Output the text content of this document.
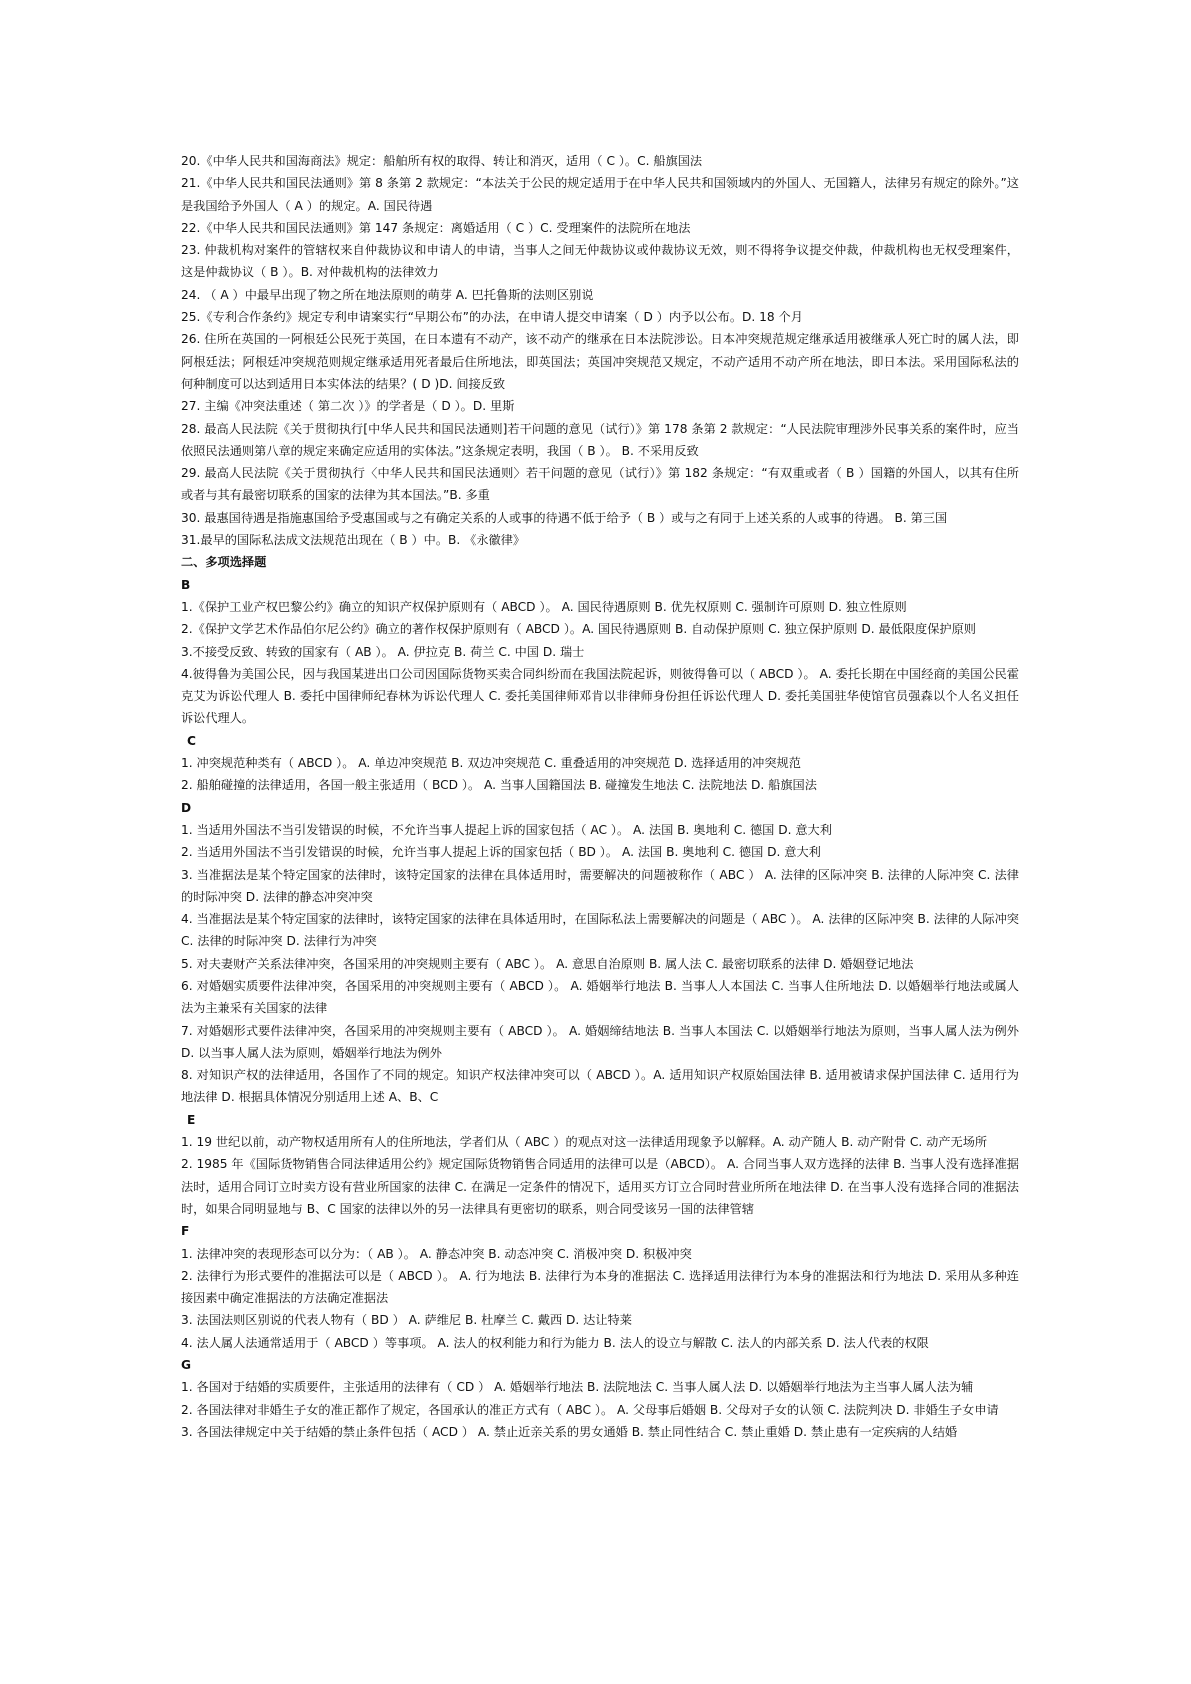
20.《中华人民共和国海商法》规定：船舶所有权的取得、转让和消灭，适用（ C ）。C. 船旗国法
21.《中华人民共和国民法通则》第 8 条第 2 款规定：“本法关于公民的规定适用于在中华人民共和国领域内的外国人、无国籍人，法律另有规定的除外。”这是我国给予外国人（ A ）的规定。A. 国民待遇
22.《中华人民共和国民法通则》第 147 条规定：离婚适用（ C ）C. 受理案件的法院所在地法
23. 仲裁机构对案件的管辖权来自仲裁协议和申请人的申请，当事人之间无仲裁协议或仲裁协议无效，则不得将争议提交仲裁，仲裁机构也无权受理案件，这是仲裁协议（ B ）。B. 对仲裁机构的法律效力
24. （ A ）中最早出现了物之所在地法原则的萌芽 A. 巴托鲁斯的法则区别说
25.《专利合作条约》规定专利申请案实行“早期公布”的办法，在申请人提交申请案（ D ）内予以公布。D. 18 个月
26. 住所在英国的一阿根廷公民死于英国，在日本遗有不动产，该不动产的继承在日本法院涉讼。日本冲突规范规定继承适用被继承人死亡时的属人法，即阿根廷法；阿根廷冲突规范则规定继承适用死者最后住所地法，即英国法；英国冲突规范又规定，不动产适用不动产所在地法，即日本法。采用国际私法的何种制度可以达到适用日本实体法的结果？( D )D. 间接反致
27. 主编《冲突法重述（ 第二次 ）》的学者是（ D ）。D. 里斯
28. 最高人民法院《关于贯彻执行[中华人民共和国民法通则]若干问题的意见（试行）》第 178 条第 2 款规定：“人民法院审理涉外民事关系的案件时，应当依照民法通则第八章的规定来确定应适用的实体法。”这条规定表明，我国（ B ）。 B. 不采用反致
29. 最高人民法院《关于贯彻执行〈中华人民共和国民法通则〉若干问题的意见（试行）》第 182 条规定：“有双重或者（ B ）国籍的外国人，以其有住所或者与其有最密切联系的国家的法律为其本国法。”B. 多重
30. 最惠国待遇是指施惠国给予受惠国或与之有确定关系的人或事的待遇不低于给予（ B ）或与之有同于上述关系的人或事的待遇。 B. 第三国
31.最早的国际私法成文法规范出现在（ B ）中。B. 《永徽律》
二、多项选择题
B
1.《保护工业产权巴黎公约》确立的知识产权保护原则有（ ABCD ）。 A. 国民待遇原则 B. 优先权原则 C. 强制许可原则 D. 独立性原则
2.《保护文学艺术作品伯尔尼公约》确立的著作权保护原则有（ ABCD ）。A. 国民待遇原则 B. 自动保护原则 C. 独立保护原则 D. 最低限度保护原则
3.不接受反致、转致的国家有（ AB ）。 A. 伊拉克 B. 荷兰 C. 中国 D. 瑞士
4.彼得鲁为美国公民，因与我国某进出口公司因国际货物买卖合同纠纷而在我国法院起诉，则彼得鲁可以（ ABCD ）。 A. 委托长期在中国经商的美国公民霍克艾为诉讼代理人 B. 委托中国律师纪春林为诉讼代理人 C. 委托美国律师邓肯以非律师身份担任诉讼代理人 D. 委托美国驻华使馆官员强森以个人名义担任诉讼代理人。
C
1. 冲突规范种类有（ ABCD ）。 A. 单边冲突规范 B. 双边冲突规范 C. 重叠适用的冲突规范 D. 选择适用的冲突规范
2. 船舶碰撞的法律适用，各国一般主张适用（ BCD ）。 A. 当事人国籍国法 B. 碰撞发生地法 C. 法院地法 D. 船旗国法
D
1. 当适用外国法不当引发错误的时候，不允许当事人提起上诉的国家包括（ AC ）。 A. 法国 B. 奥地利 C. 德国 D. 意大利
2. 当适用外国法不当引发错误的时候，允许当事人提起上诉的国家包括（ BD ）。 A. 法国 B. 奥地利 C. 德国 D. 意大利
3. 当准据法是某个特定国家的法律时，该特定国家的法律在具体适用时，需要解决的问题被称作（ ABC ） A. 法律的区际冲突 B. 法律的人际冲突 C. 法律的时际冲突 D. 法律的静态冲突冲突
4. 当准据法是某个特定国家的法律时，该特定国家的法律在具体适用时，在国际私法上需要解决的问题是（ ABC ）。 A. 法律的区际冲突 B. 法律的人际冲突 C. 法律的时际冲突 D. 法律行为冲突
5. 对夫妻财产关系法律冲突，各国采用的冲突规则主要有（ ABC ）。 A. 意思自治原则 B. 属人法 C. 最密切联系的法律 D. 婚姻登记地法
6. 对婚姻实质要件法律冲突，各国采用的冲突规则主要有（ ABCD ）。 A. 婚姻举行地法 B. 当事人人本国法 C. 当事人住所地法 D. 以婚姻举行地法或属人法为主兼采有关国家的法律
7. 对婚姻形式要件法律冲突，各国采用的冲突规则主要有（ ABCD ）。 A. 婚姻缔结地法 B. 当事人本国法 C. 以婚姻举行地法为原则，当事人属人法为例外 D. 以当事人属人法为原则，婚姻举行地法为例外
8. 对知识产权的法律适用，各国作了不同的规定。知识产权法律冲突可以（ ABCD ）。A. 适用知识产权原始国法律 B. 适用被请求保护国法律 C. 适用行为地法律 D. 根据具体情况分别适用上述 A、B、C
E
1. 19 世纪以前，动产物权适用所有人的住所地法，学者们从（ ABC ）的观点对这一法律适用现象予以解释。A. 动产随人 B. 动产附骨 C. 动产无场所
2. 1985 年《国际货物销售合同法律适用公约》规定国际货物销售合同适用的法律可以是（ABCD）。 A. 合同当事人双方选择的法律 B. 当事人没有选择准据法时，适用合同订立时卖方设有营业所国家的法律 C. 在满足一定条件的情况下，适用买方订立合同时营业所所在地法律 D. 在当事人没有选择合同的准据法时，如果合同明显地与 B、C 国家的法律以外的另一法律具有更密切的联系，则合同受该另一国的法律管辖
F
1. 法律冲突的表现形态可以分为：（ AB ）。 A. 静态冲突 B. 动态冲突 C. 消极冲突 D. 积极冲突
2. 法律行为形式要件的准据法可以是（ ABCD ）。 A. 行为地法 B. 法律行为本身的准据法 C. 选择适用法律行为本身的准据法和行为地法 D. 采用从多种连接因素中确定准据法的方法确定准据法
3. 法国法则区别说的代表人物有（ BD ） A. 萨维尼 B. 杜摩兰 C. 戴西 D. 达让特莱
4. 法人属人法通常适用于（ ABCD ）等事项。 A. 法人的权利能力和行为能力 B. 法人的设立与解散 C. 法人的内部关系 D. 法人代表的权限
G
1. 各国对于结婚的实质要件，主张适用的法律有（ CD ） A. 婚姻举行地法 B. 法院地法 C. 当事人属人法 D. 以婚姻举行地法为主当事人属人法为辅
2. 各国法律对非婚生子女的准正都作了规定，各国承认的准正方式有（ ABC ）。 A. 父母事后婚姻 B. 父母对子女的认领 C. 法院判决 D. 非婚生子女申请
3. 各国法律规定中关于结婚的禁止条件包括（ ACD ） A. 禁止近亲关系的男女通婚 B. 禁止同性结合 C. 禁止重婚 D. 禁止患有一定疾病的人结婚
